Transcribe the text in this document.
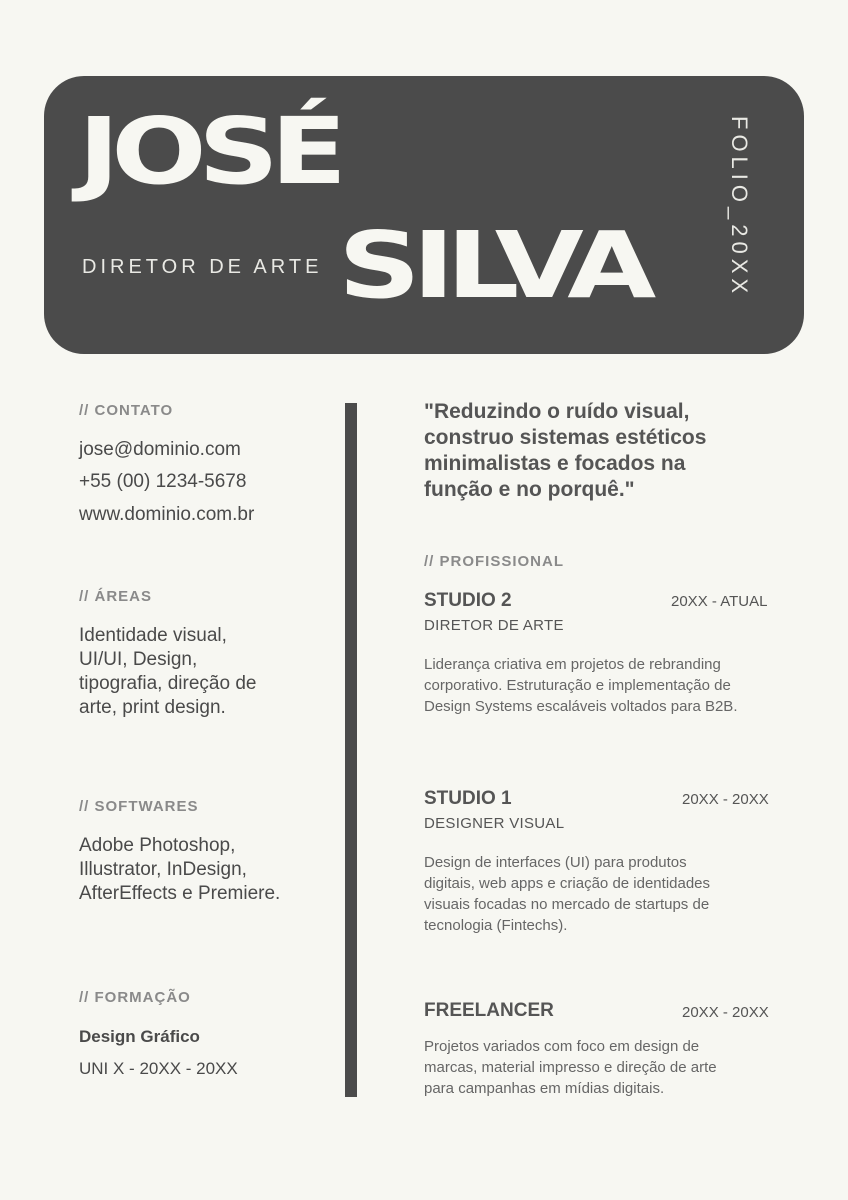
JOSÉ
DIRETOR DE ARTE SILVA	FOLIO_20XX
// CONTATO
jose@dominio.com
+55 (00) 1234-5678
www.dominio.com.br
// ÁREAS
Identidade visual,
UI/UI, Design,
tipografia, direção de
arte, print design.
// SOFTWARES
Adobe Photoshop,
Illustrator, InDesign,
AfterEffects e Premiere.
// FORMAÇÃO
Design Gráfico
UNI X - 20XX - 20XX
"Reduzindo o ruído visual,
construo sistemas estéticos
minimalistas e focados na
função e no porquê."
// PROFISSIONAL
STUDIO 2	20XX - ATUAL
DIRETOR DE ARTE
Liderança criativa em projetos de rebranding
corporativo. Estruturação e implementação de
Design Systems escaláveis voltados para B2B.
STUDIO 1	20XX - 20XX
DESIGNER VISUAL
Design de interfaces (UI) para produtos
digitais, web apps e criação de identidades
visuais focadas no mercado de startups de
tecnologia (Fintechs).
FREELANCER	20XX - 20XX
Projetos variados com foco em design de
marcas, material impresso e direção de arte
para campanhas em mídias digitais.
